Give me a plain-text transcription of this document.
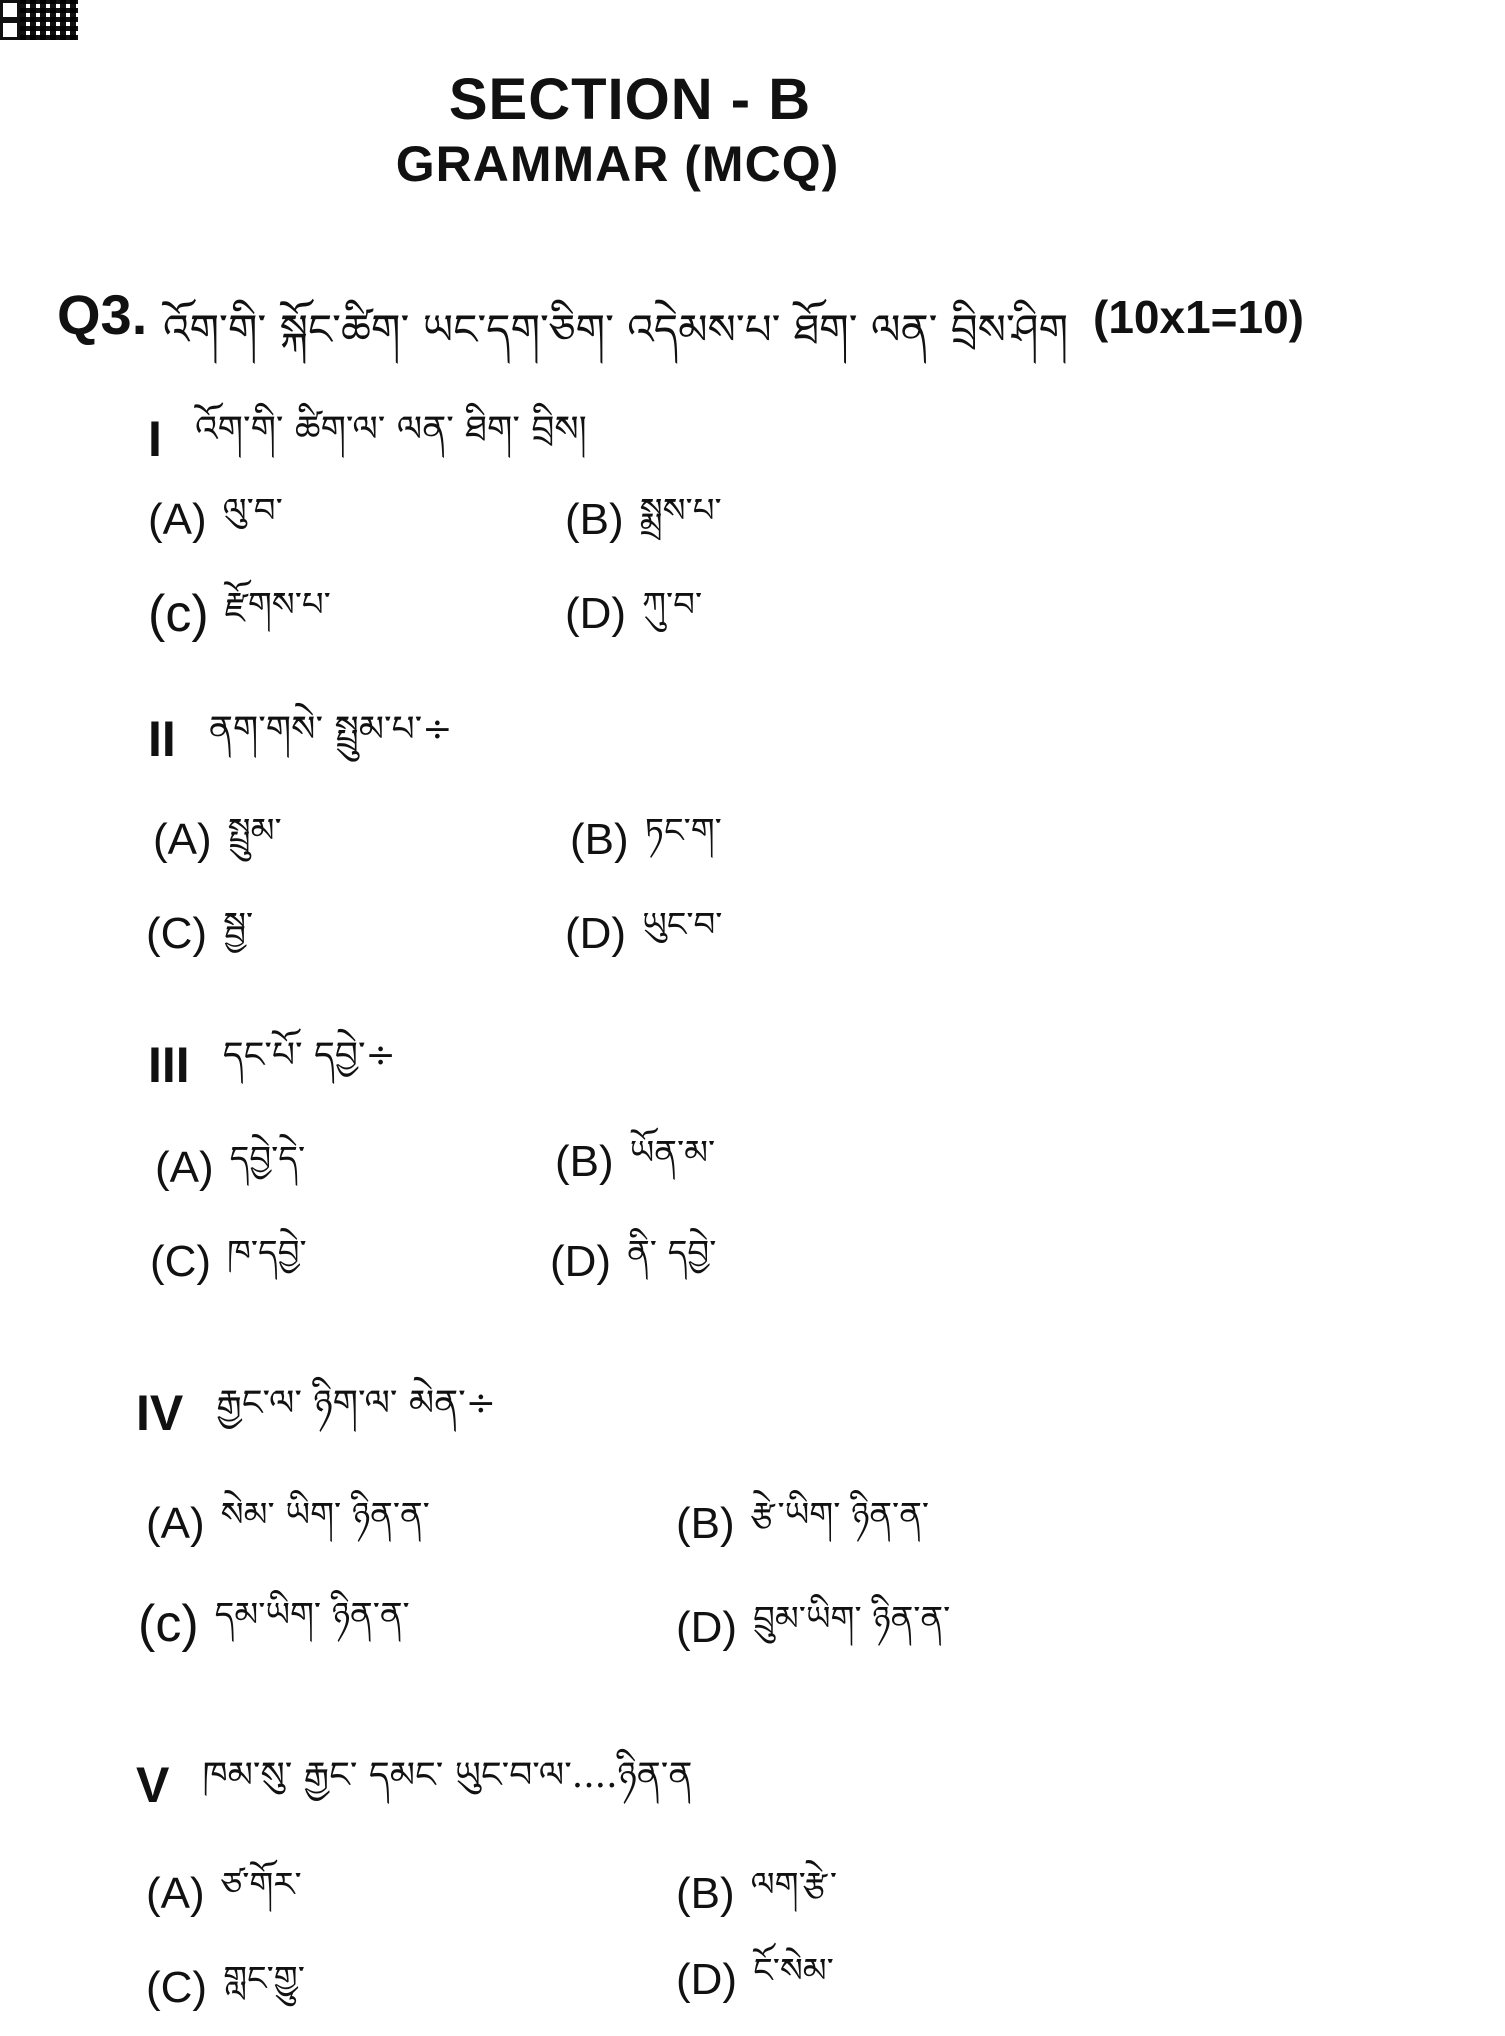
SECTION - B
GRAMMAR (MCQ)
Q3. འོག་གི་ སྐོང་ཚིག་ ཡང་དག་ཅིག་ འདེམས་པ་ ཐོག་ ལན་ བྲིས་ཤིག (10x1=10)
I འོག་གི་ ཚིག་ལ་ ལན་ ཐིག་ བྲིས།
(A) ལུ་བ་	(B) སྨྲས་པ་
(c) རྫོགས་པ་	(D) ཀུ་བ་
II ནག་གསེ་ སྤྲུམ་པ་÷
(A) སྤྲུམ་	(B) ཏང་ག་
(C) སྦྱ་	(D) ཡུང་བ་
III དང་པོ་ དབྱེ་÷
(A) དབྱེ་དེ་	(B) ཡོན་མ་
(C) ཁ་དབྱེ་	(D) ནི་ དབྱེ་
IV རྒྱང་ལ་ ཉིག་ལ་ མེན་÷
(A) སེམ་ ཡིག་ ཉིན་ན་	(B) རྩེ་ཡིག་ ཉིན་ན་
(c) དམ་ཡིག་ ཉིན་ན་	(D) བྲུམ་ཡིག་ ཉིན་ན་
V ཁམ་སུ་ རྒྱང་ དམང་ ཡུང་བ་ལ་....ཉིན་ན
(A) ཙ་གོར་	(B) ལག་རྩེ་
(C) གླང་གྱུ་	(D) ངོ་སེམ་
